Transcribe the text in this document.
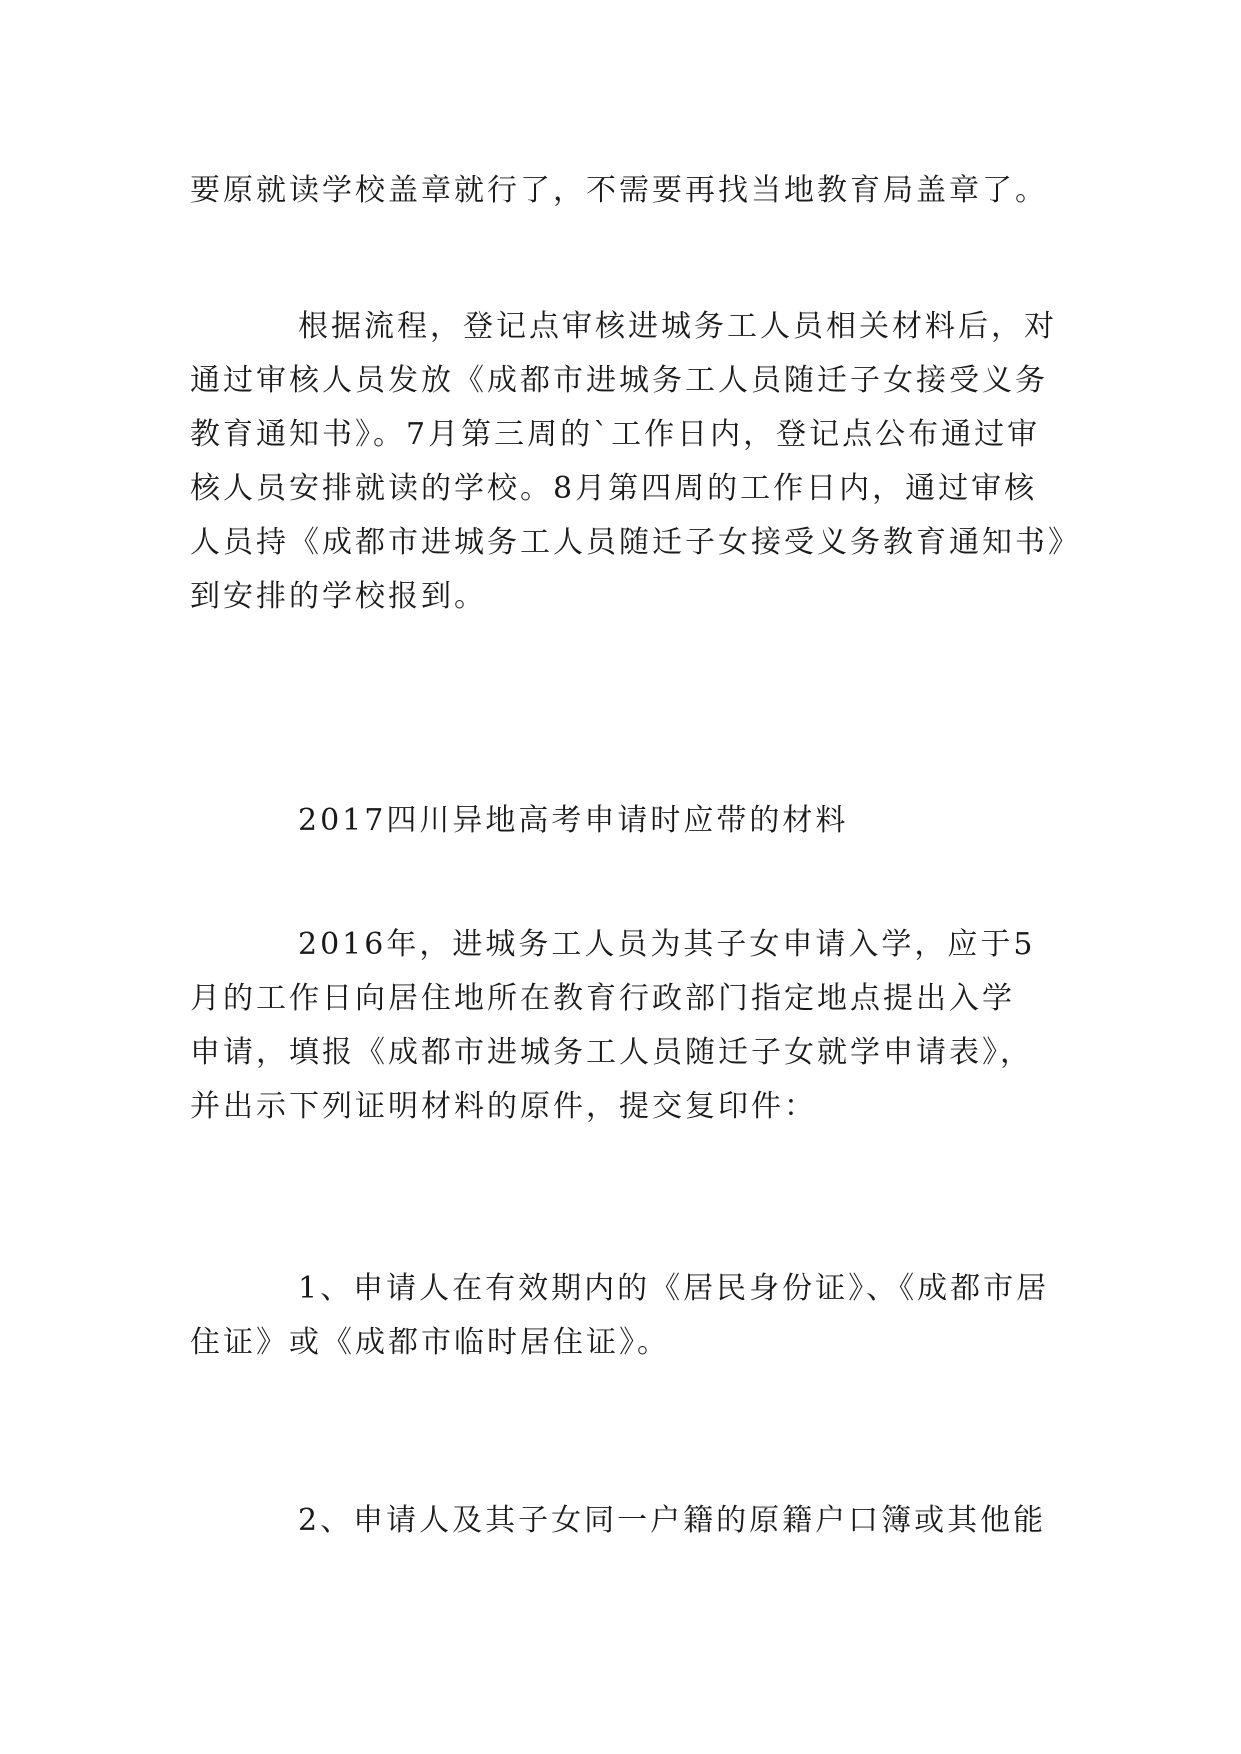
要原就读学校盖章就行了，不需要再找当地教育局盖章了。

根据流程，登记点审核进城务工人员相关材料后，对
通过审核人员发放《成都市进城务工人员随迁子女接受义务
教育通知书》。7月第三周的`工作日内，登记点公布通过审
核人员安排就读的学校。8月第四周的工作日内，通过审核
人员持《成都市进城务工人员随迁子女接受义务教育通知书》
到安排的学校报到。

2017四川异地高考申请时应带的材料

2016年，进城务工人员为其子女申请入学，应于5
月的工作日向居住地所在教育行政部门指定地点提出入学
申请，填报《成都市进城务工人员随迁子女就学申请表》，
并出示下列证明材料的原件，提交复印件：

1、申请人在有效期内的《居民身份证》、《成都市居
住证》或《成都市临时居住证》。

2、申请人及其子女同一户籍的原籍户口簿或其他能
